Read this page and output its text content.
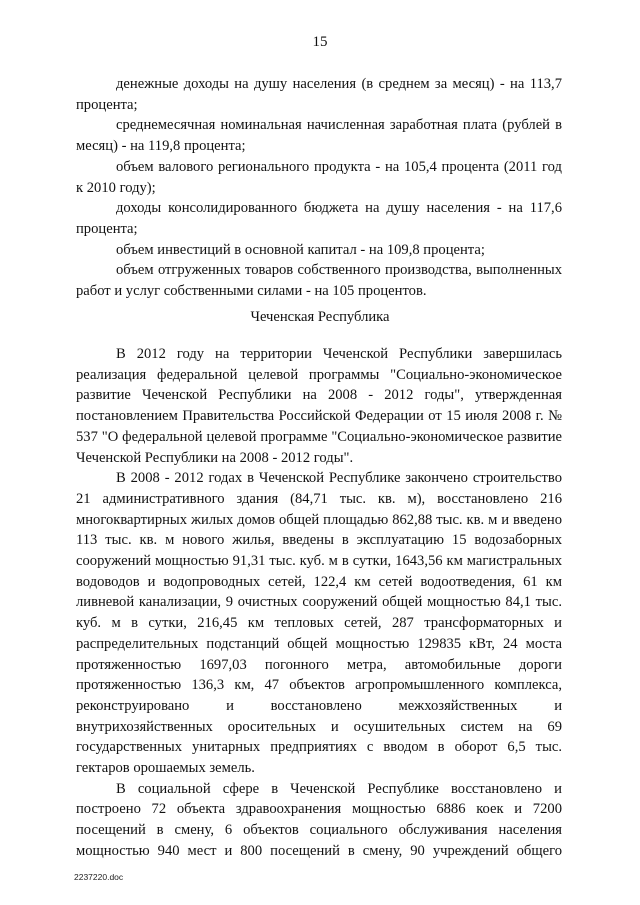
15

денежные доходы на душу населения (в среднем за месяц) - на 113,7 процента;

среднемесячная номинальная начисленная заработная плата (рублей в месяц) - на 119,8 процента;

объем валового регионального продукта - на 105,4 процента (2011 год к 2010 году);

доходы консолидированного бюджета на душу населения - на 117,6 процента;

объем инвестиций в основной капитал - на 109,8 процента;

объем отгруженных товаров собственного производства, выполненных работ и услуг собственными силами - на 105 процентов.

Чеченская Республика

В 2012 году на территории Чеченской Республики завершилась реализация федеральной целевой программы "Социально-экономическое развитие Чеченской Республики на 2008 - 2012 годы", утвержденная постановлением Правительства Российской Федерации от 15 июля 2008 г. № 537 "О федеральной целевой программе "Социально-экономическое развитие Чеченской Республики на 2008 - 2012 годы".

В 2008 - 2012 годах в Чеченской Республике закончено строительство 21 административного здания (84,71 тыс. кв. м), восстановлено 216 многоквартирных жилых домов общей площадью 862,88 тыс. кв. м и введено 113 тыс. кв. м нового жилья, введены в эксплуатацию 15 водозаборных сооружений мощностью 91,31 тыс. куб. м в сутки, 1643,56 км магистральных водоводов и водопроводных сетей, 122,4 км сетей водоотведения, 61 км ливневой канализации, 9 очистных сооружений общей мощностью 84,1 тыс. куб. м в сутки, 216,45 км тепловых сетей, 287 трансформаторных и распределительных подстанций общей мощностью 129835 кВт, 24 моста протяженностью 1697,03 погонного метра, автомобильные дороги протяженностью 136,3 км, 47 объектов агропромышленного комплекса, реконструировано и восстановлено межхозяйственных и внутрихозяйственных оросительных и осушительных систем на 69 государственных унитарных предприятиях с вводом в оборот 6,5 тыс. гектаров орошаемых земель.

В социальной сфере в Чеченской Республике восстановлено и построено 72 объекта здравоохранения мощностью 6886 коек и 7200 посещений в смену, 6 объектов социального обслуживания населения мощностью 940 мест и 800 посещений в смену, 90 учреждений общего

2237220.doc
